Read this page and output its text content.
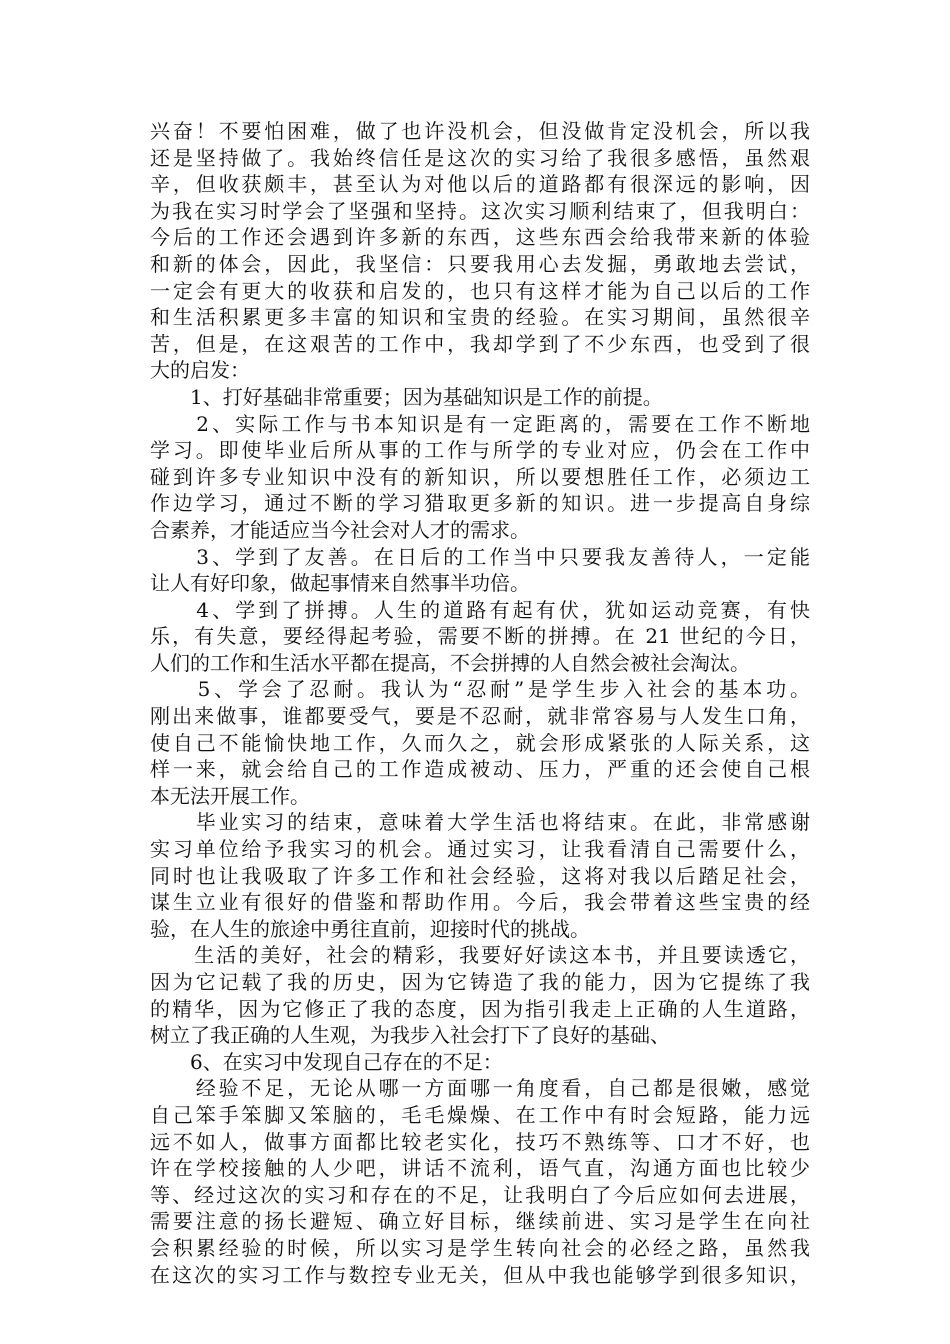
兴奋！不要怕困难，做了也许没机会，但没做肯定没机会，所以我
还是坚持做了。我始终信任是这次的实习给了我很多感悟，虽然艰
辛，但收获颇丰，甚至认为对他以后的道路都有很深远的影响，因
为我在实习时学会了坚强和坚持。这次实习顺利结束了，但我明白：
今后的工作还会遇到许多新的东西，这些东西会给我带来新的体验
和新的体会，因此，我坚信：只要我用心去发掘，勇敢地去尝试，
一定会有更大的收获和启发的，也只有这样才能为自己以后的工作
和生活积累更多丰富的知识和宝贵的经验。在实习期间，虽然很辛
苦，但是，在这艰苦的工作中，我却学到了不少东西，也受到了很
大的启发：
　　1、打好基础非常重要；因为基础知识是工作的前提。
　　2、实际工作与书本知识是有一定距离的，需要在工作不断地
学习。即使毕业后所从事的工作与所学的专业对应，仍会在工作中
碰到许多专业知识中没有的新知识，所以要想胜任工作，必须边工
作边学习，通过不断的学习猎取更多新的知识。进一步提高自身综
合素养，才能适应当今社会对人才的需求。
　　3、学到了友善。在日后的工作当中只要我友善待人，一定能
让人有好印象，做起事情来自然事半功倍。
　　4、学到了拼搏。人生的道路有起有伏，犹如运动竞赛，有快
乐，有失意，要经得起考验，需要不断的拼搏。在 21 世纪的今日，
人们的工作和生活水平都在提高，不会拼搏的人自然会被社会淘汰。
　　5、学会了忍耐。我认为“忍耐”是学生步入社会的基本功。
刚出来做事，谁都要受气，要是不忍耐，就非常容易与人发生口角，
使自己不能愉快地工作，久而久之，就会形成紧张的人际关系，这
样一来，就会给自己的工作造成被动、压力，严重的还会使自己根
本无法开展工作。
　　毕业实习的结束，意味着大学生活也将结束。在此，非常感谢
实习单位给予我实习的机会。通过实习，让我看清自己需要什么，
同时也让我吸取了许多工作和社会经验，这将对我以后踏足社会，
谋生立业有很好的借鉴和帮助作用。今后，我会带着这些宝贵的经
验，在人生的旅途中勇往直前，迎接时代的挑战。
　　生活的美好，社会的精彩，我要好好读这本书，并且要读透它，
因为它记载了我的历史，因为它铸造了我的能力，因为它提练了我
的精华，因为它修正了我的态度，因为指引我走上正确的人生道路，
树立了我正确的人生观，为我步入社会打下了良好的基础、
　　6、在实习中发现自己存在的不足：
　　经验不足，无论从哪一方面哪一角度看，自己都是很嫩，感觉
自己笨手笨脚又笨脑的，毛毛燥燥、在工作中有时会短路，能力远
远不如人，做事方面都比较老实化，技巧不熟练等、口才不好，也
许在学校接触的人少吧，讲话不流利，语气直，沟通方面也比较少
等、经过这次的实习和存在的不足，让我明白了今后应如何去进展，
需要注意的扬长避短、确立好目标，继续前进、实习是学生在向社
会积累经验的时候，所以实习是学生转向社会的必经之路，虽然我
在这次的实习工作与数控专业无关，但从中我也能够学到很多知识，
